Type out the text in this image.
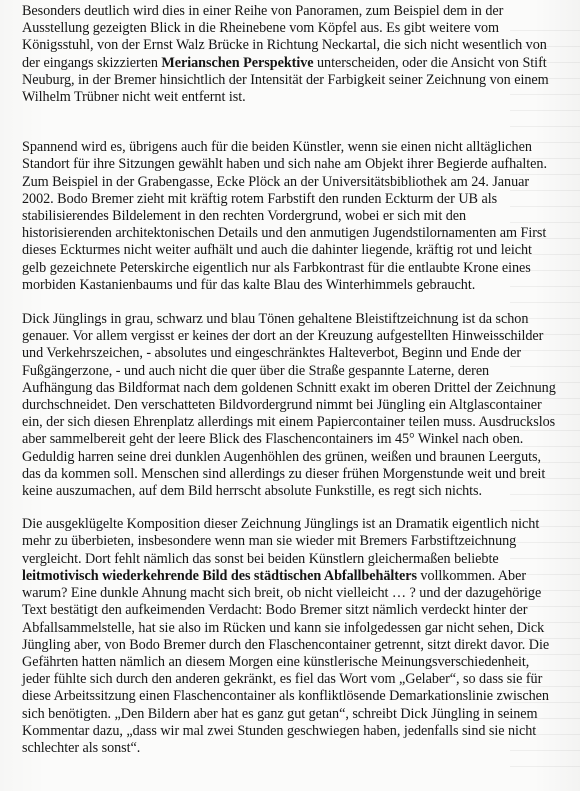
Besonders deutlich wird dies in einer Reihe von Panoramen, zum Beispiel dem in der Ausstellung gezeigten Blick in die Rheinebene vom Köpfel aus. Es gibt weitere vom Königsstuhl, von der Ernst Walz Brücke in Richtung Neckartal, die sich nicht wesentlich von der eingangs skizzierten Merianschen Perspektive unterscheiden, oder die Ansicht von Stift Neuburg, in der Bremer hinsichtlich der Intensität der Farbigkeit seiner Zeichnung von einem Wilhelm Trübner nicht weit entfernt ist.

Spannend wird es, übrigens auch für die beiden Künstler, wenn sie einen nicht alltäglichen Standort für ihre Sitzungen gewählt haben und sich nahe am Objekt ihrer Begierde aufhalten. Zum Beispiel in der Grabengasse, Ecke Plöck an der Universitätsbibliothek am 24. Januar 2002. Bodo Bremer zieht mit kräftig rotem Farbstift den runden Eckturm der UB als stabilisierendes Bildelement in den rechten Vordergrund, wobei er sich mit den historisierenden architektonischen Details und den anmutigen Jugendstilornamenten am First dieses Eckturmes nicht weiter aufhält und auch die dahinter liegende, kräftig rot und leicht gelb gezeichnete Peterskirche eigentlich nur als Farbkontrast für die entlaubte Krone eines morbiden Kastanienbaums und für das kalte Blau des Winterhimmels gebraucht.

Dick Jünglings in grau, schwarz und blau Tönen gehaltene Bleistiftzeichnung ist da schon genauer. Vor allem vergisst er keines der dort an der Kreuzung aufgestellten Hinweisschilder und Verkehrszeichen, - absolutes und eingeschränktes Halteverbot, Beginn und Ende der Fußgängerzone, - und auch nicht die quer über die Straße gespannte Laterne, deren Aufhängung das Bildformat nach dem goldenen Schnitt exakt im oberen Drittel der Zeichnung durchschneidet. Den verschatteten Bildvordergrund nimmt bei Jüngling ein Altglascontainer ein, der sich diesen Ehrenplatz allerdings mit einem Papiercontainer teilen muss. Ausdruckslos aber sammelbereit geht der leere Blick des Flaschencontainers im 45° Winkel nach oben. Geduldig harren seine drei dunklen Augenhöhlen des grünen, weißen und braunen Leerguts, das da kommen soll. Menschen sind allerdings zu dieser frühen Morgenstunde weit und breit keine auszumachen, auf dem Bild herrscht absolute Funkstille, es regt sich nichts.

Die ausgeklügelte Komposition dieser Zeichnung Jünglings ist an Dramatik eigentlich nicht mehr zu überbieten, insbesondere wenn man sie wieder mit Bremers Farbstiftzeichnung vergleicht. Dort fehlt nämlich das sonst bei beiden Künstlern gleichermaßen beliebte leitmotivisch wiederkehrende Bild des städtischen Abfallbehälters vollkommen. Aber warum? Eine dunkle Ahnung macht sich breit, ob nicht vielleicht … ? und der dazugehörige Text bestätigt den aufkeimenden Verdacht: Bodo Bremer sitzt nämlich verdeckt hinter der Abfallsammelstelle, hat sie also im Rücken und kann sie infolgedessen gar nicht sehen, Dick Jüngling aber, von Bodo Bremer durch den Flaschencontainer getrennt, sitzt direkt davor. Die Gefährten hatten nämlich an diesem Morgen eine künstlerische Meinungsverschiedenheit, jeder fühlte sich durch den anderen gekränkt, es fiel das Wort vom „Gelaber“, so dass sie für diese Arbeitssitzung einen Flaschencontainer als konfliktlösende Demarkationslinie zwischen sich benötigten. „Den Bildern aber hat es ganz gut getan“, schreibt Dick Jüngling in seinem Kommentar dazu, „dass wir mal zwei Stunden geschwiegen haben, jedenfalls sind sie nicht schlechter als sonst“.
